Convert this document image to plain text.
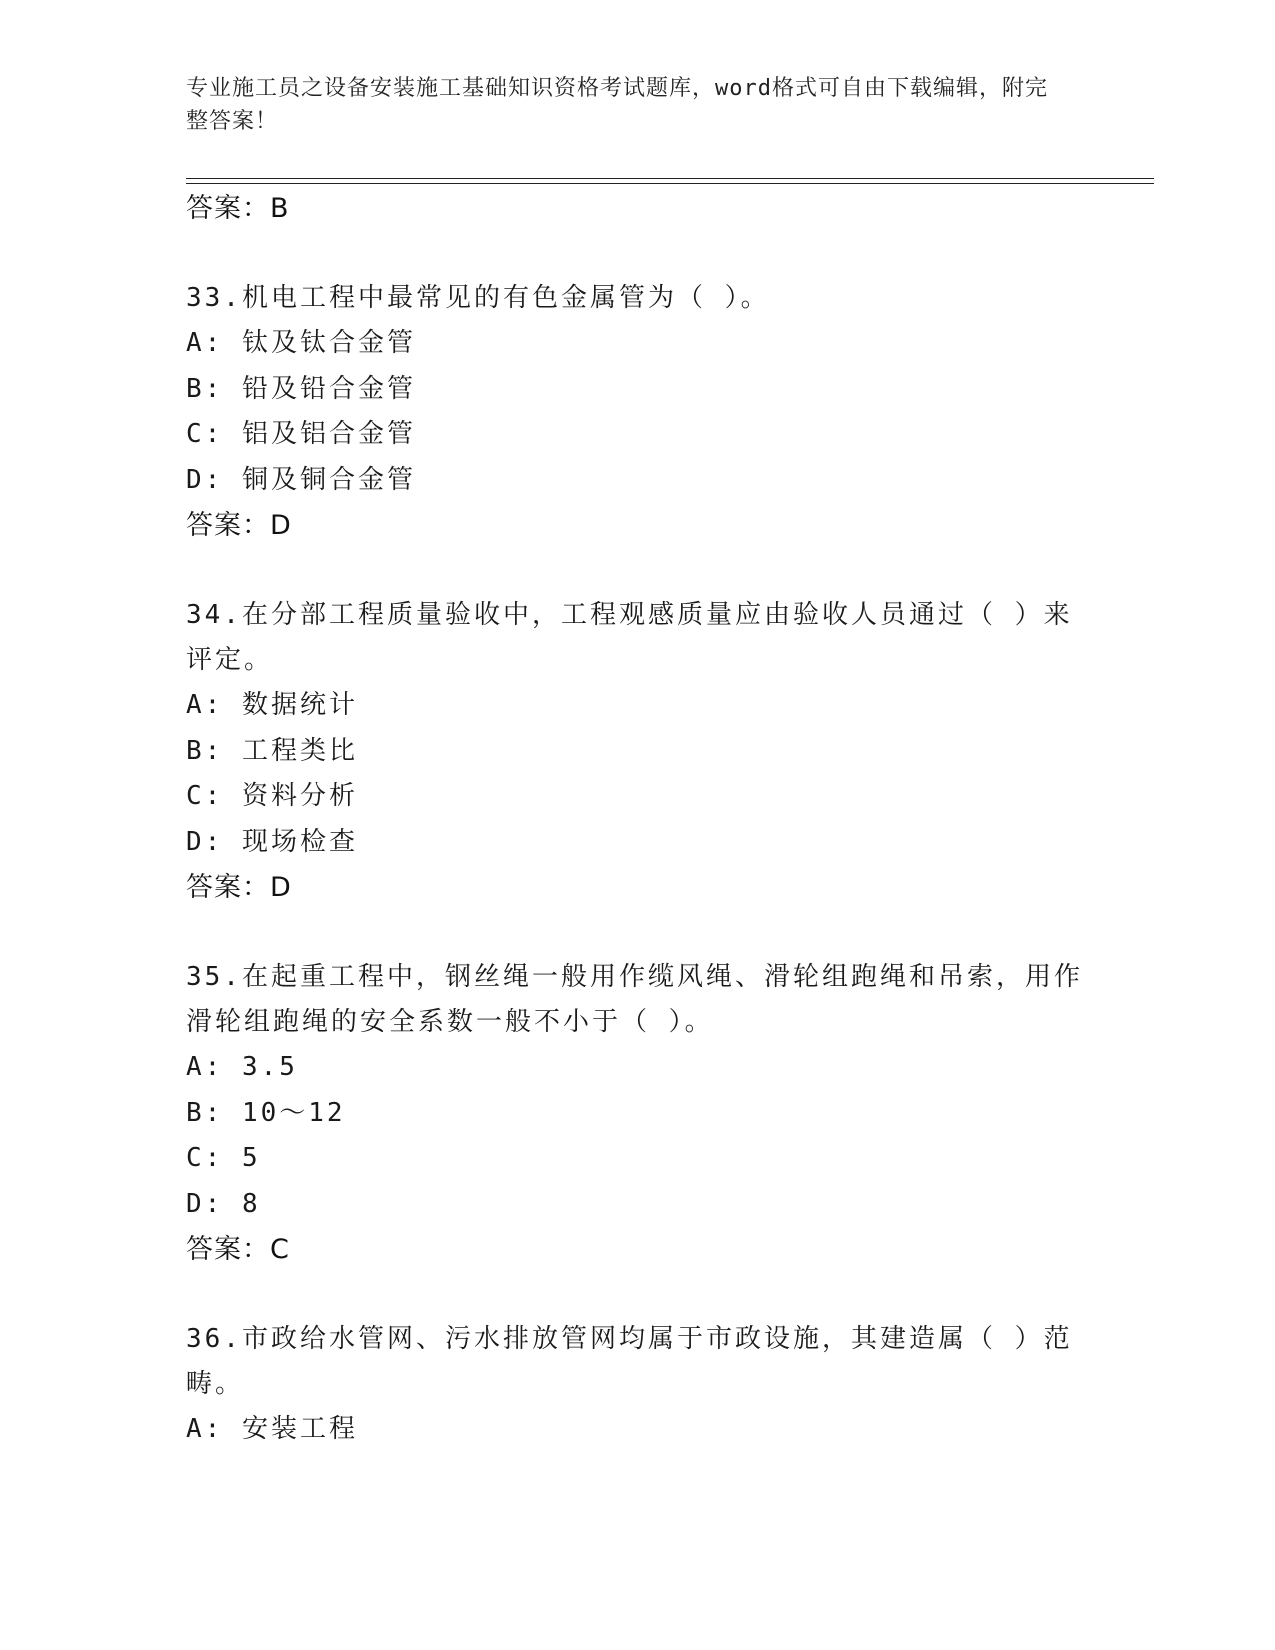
专业施工员之设备安装施工基础知识资格考试题库，word格式可自由下载编辑，附完整答案！

答案：B

33.机电工程中最常见的有色金属管为（ ）。

A: 钛及钛合金管

B: 铅及铅合金管

C: 铝及铝合金管

D: 铜及铜合金管

答案：D

34.在分部工程质量验收中，工程观感质量应由验收人员通过（ ）来评定。

A: 数据统计

B: 工程类比

C: 资料分析

D: 现场检查

答案：D

35.在起重工程中，钢丝绳一般用作缆风绳、滑轮组跑绳和吊索，用作滑轮组跑绳的安全系数一般不小于（ ）。

A: 3.5

B: 10～12

C: 5

D: 8

答案：C

36.市政给水管网、污水排放管网均属于市政设施，其建造属（ ）范畴。

A: 安装工程
